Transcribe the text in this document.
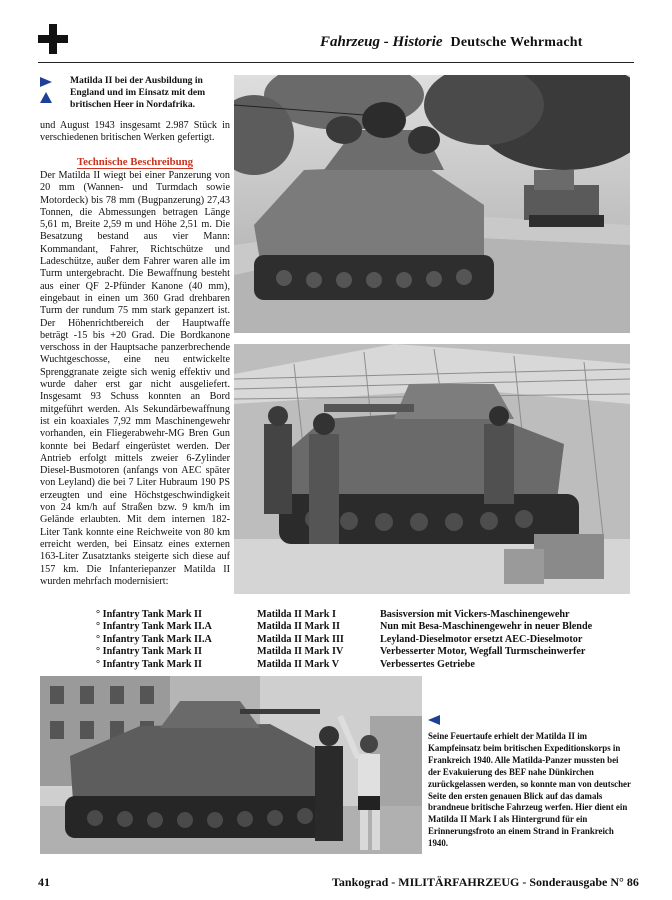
Fahrzeug - Historie Deutsche Wehrmacht
Matilda II bei der Ausbildung in England und im Einsatz mit dem britischen Heer in Nordafrika.
und August 1943 insgesamt 2.987 Stück in verschiedenen britischen Werken gefertigt.
Technische Beschreibung
Der Matilda II wiegt bei einer Panzerung von 20 mm (Wannen- und Turmdach sowie Motordeck) bis 78 mm (Bugpanzerung) 27,43 Tonnen, die Abmessungen betragen Länge 5,61 m, Breite 2,59 m und Höhe 2,51 m. Die Besatzung bestand aus vier Mann: Kommandant, Fahrer, Richtschütze und Ladeschütze, außer dem Fahrer waren alle im Turm untergebracht. Die Bewaffnung besteht aus einer QF 2-Pfünder Kanone (40 mm), eingebaut in einen um 360 Grad drehbaren Turm der rundum 75 mm stark gepanzert ist. Der Höhenrichtbereich der Hauptwaffe beträgt -15 bis +20 Grad. Die Bordkanone verschoss in der Hauptsache panzerbrechende Wuchtgeschosse, eine neu entwickelte Sprenggranate zeigte sich wenig effektiv und wurde daher erst gar nicht ausgeliefert. Insgesamt 93 Schuss konnten an Bord mitgeführt werden. Als Sekundärbewaffnung ist ein koaxiales 7,92 mm Maschinengewehr vorhanden, ein Fliegerabwehr-MG Bren Gun konnte bei Bedarf eingerüstet werden. Der Antrieb erfolgt mittels zweier 6-Zylinder Diesel-Busmotoren (anfangs von AEC später von Leyland) die bei 7 Liter Hubraum 190 PS erzeugten und eine Höchstgeschwindigkeit von 24 km/h auf Straßen bzw. 9 km/h im Gelände erlaubten. Mit dem internen 182-Liter Tank konnte eine Reichweite von 80 km erreicht werden, bei Einsatz eines externen 163-Liter Zusatztanks steigerte sich diese auf 157 km. Die Infanteriepanzer Matilda II wurden mehrfach modernisiert:
° Infantry Tank Mark II
° Infantry Tank Mark II.A
° Infantry Tank Mark II.A
° Infantry Tank Mark II
° Infantry Tank Mark II
Matilda II Mark I
Matilda II Mark II
Matilda II Mark III
Matilda II Mark IV
Matilda II Mark V
Basisversion mit Vickers-Maschinengewehr
Nun mit Besa-Maschinengewehr in neuer Blende
Leyland-Dieselmotor ersetzt AEC-Dieselmotor
Verbesserter Motor, Wegfall Turmscheinwerfer
Verbessertes Getriebe
Seine Feuertaufe erhielt der Matilda II im Kampfeinsatz beim britischen Expeditionskorps in Frankreich 1940. Alle Matilda-Panzer mussten bei der Evakuierung des BEF nahe Dünkirchen zurückgelassen werden, so konnte man von deutscher Seite den ersten genauen Blick auf das damals brandneue britische Fahrzeug werfen. Hier dient ein Matilda II Mark I als Hintergrund für ein Erinnerungsfroto an einem Strand in Frankreich 1940.
41	Tankograd - MILITÄRFAHRZEUG - Sonderausgabe N° 86
